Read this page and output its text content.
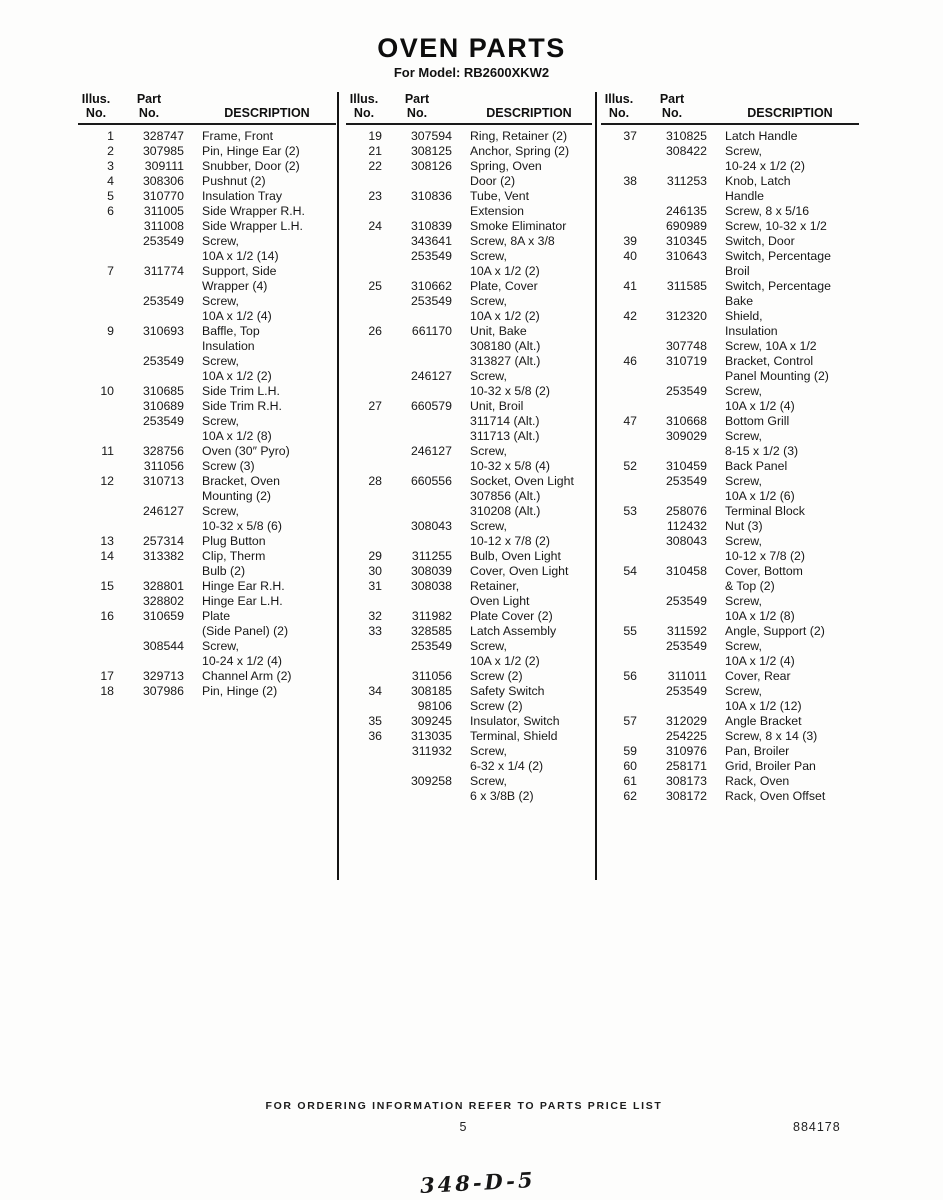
OVEN PARTS
For Model: RB2600XKW2
Illus.
No.
Part
No.	DESCRIPTION
1	328747	Frame, Front
2	307985	Pin, Hinge Ear (2)
3	309111	Snubber, Door (2)
4	308306	Pushnut (2)
5	310770	Insulation Tray
6	311005	Side Wrapper R.H.
311008	Side Wrapper L.H.
253549	Screw,
10A x 1/2 (14)
7	311774	Support, Side
Wrapper (4)
253549	Screw,
10A x 1/2 (4)
9	310693	Baffle, Top
Insulation
253549	Screw,
10A x 1/2 (2)
10	310685	Side Trim L.H.
310689	Side Trim R.H.
253549	Screw,
10A x 1/2 (8)
11	328756	Oven (30″ Pyro)
311056	Screw (3)
12	310713	Bracket, Oven
Mounting (2)
246127	Screw,
10-32 x 5/8 (6)
13	257314	Plug Button
14	313382	Clip, Therm
Bulb (2)
15	328801	Hinge Ear R.H.
328802	Hinge Ear L.H.
16	310659	Plate
(Side Panel) (2)
308544	Screw,
10-24 x 1/2 (4)
17	329713	Channel Arm (2)
18	307986	Pin, Hinge (2)
Illus.
No.
Part
No.	DESCRIPTION
19	307594	Ring, Retainer (2)
21	308125	Anchor, Spring (2)
22	308126	Spring, Oven
Door (2)
23	310836	Tube, Vent
Extension
24	310839	Smoke Eliminator
343641	Screw, 8A x 3/8
253549	Screw,
10A x 1/2 (2)
25	310662	Plate, Cover
253549	Screw,
10A x 1/2 (2)
26	661170	Unit, Bake
308180 (Alt.)
313827 (Alt.)
246127	Screw,
10-32 x 5/8 (2)
27	660579	Unit, Broil
311714 (Alt.)
311713 (Alt.)
246127	Screw,
10-32 x 5/8 (4)
28	660556	Socket, Oven Light
307856 (Alt.)
310208 (Alt.)
308043	Screw,
10-12 x 7/8 (2)
29	311255	Bulb, Oven Light
30	308039	Cover, Oven Light
31	308038	Retainer,
Oven Light
32	311982	Plate Cover (2)
33	328585	Latch Assembly
253549	Screw,
10A x 1/2 (2)
311056	Screw (2)
34	308185	Safety Switch
98106	Screw (2)
35	309245	Insulator, Switch
36	313035	Terminal, Shield
311932	Screw,
6-32 x 1/4 (2)
309258	Screw,
6 x 3/8B (2)
Illus.
No.
Part
No.	DESCRIPTION
37	310825	Latch Handle
308422	Screw,
10-24 x 1/2 (2)
38	311253	Knob, Latch
Handle
246135	Screw, 8 x 5/16
690989	Screw, 10-32 x 1/2
39	310345	Switch, Door
40	310643	Switch, Percentage
Broil
41	311585	Switch, Percentage
Bake
42	312320	Shield,
Insulation
307748	Screw, 10A x 1/2
46	310719	Bracket, Control
Panel Mounting (2)
253549	Screw,
10A x 1/2 (4)
47	310668	Bottom Grill
309029	Screw,
8-15 x 1/2 (3)
52	310459	Back Panel
253549	Screw,
10A x 1/2 (6)
53	258076	Terminal Block
112432	Nut (3)
308043	Screw,
10-12 x 7/8 (2)
54	310458	Cover, Bottom
& Top (2)
253549	Screw,
10A x 1/2 (8)
55	311592	Angle, Support (2)
253549	Screw,
10A x 1/2 (4)
56	311011	Cover, Rear
253549	Screw,
10A x 1/2 (12)
57	312029	Angle Bracket
254225	Screw, 8 x 14 (3)
59	310976	Pan, Broiler
60	258171	Grid, Broiler Pan
61	308173	Rack, Oven
62	308172	Rack, Oven Offset
FOR ORDERING INFORMATION REFER TO PARTS PRICE LIST
5	884178
348-D-5
